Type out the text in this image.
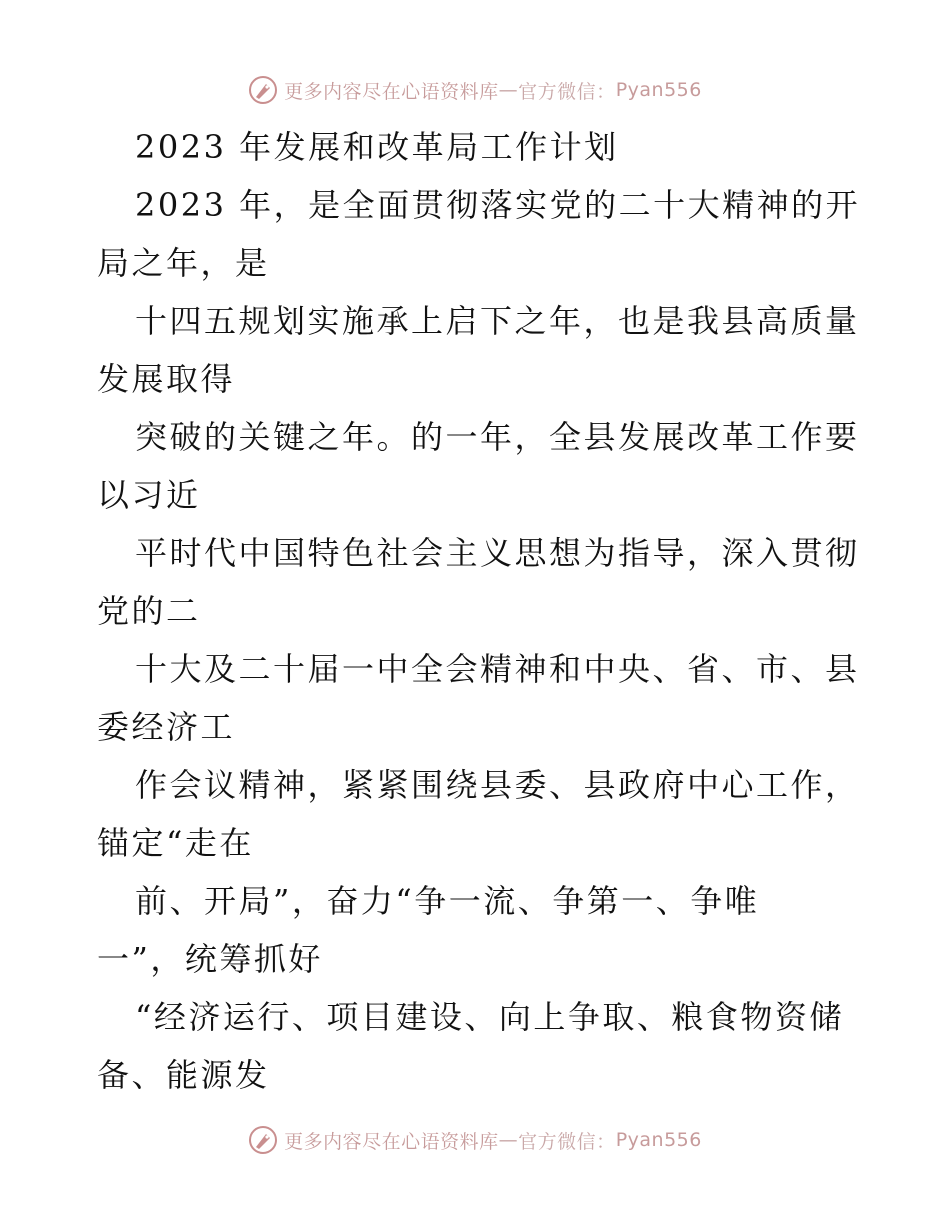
更多内容尽在心语资料库 — 官方微信： Pyan556
2023 年发展和改革局工作计划
2023 年，是全面贯彻落实党的二十大精神的开
局之年，是
十四五规划实施承上启下之年，也是我县高质量
发展取得
突破的关键之年。的一年，全县发展改革工作要
以习近
平时代中国特色社会主义思想为指导，深入贯彻
党的二
十大及二十届一中全会精神和中央、省、市、县
委经济工
作会议精神，紧紧围绕县委、县政府中心工作，
锚定“走在
前、开局”，奋力“争一流、争第一、争唯
一”，统筹抓好
“经济运行、项目建设、向上争取、粮食物资储
备、能源发
更多内容尽在心语资料库 — 官方微信： Pyan556
